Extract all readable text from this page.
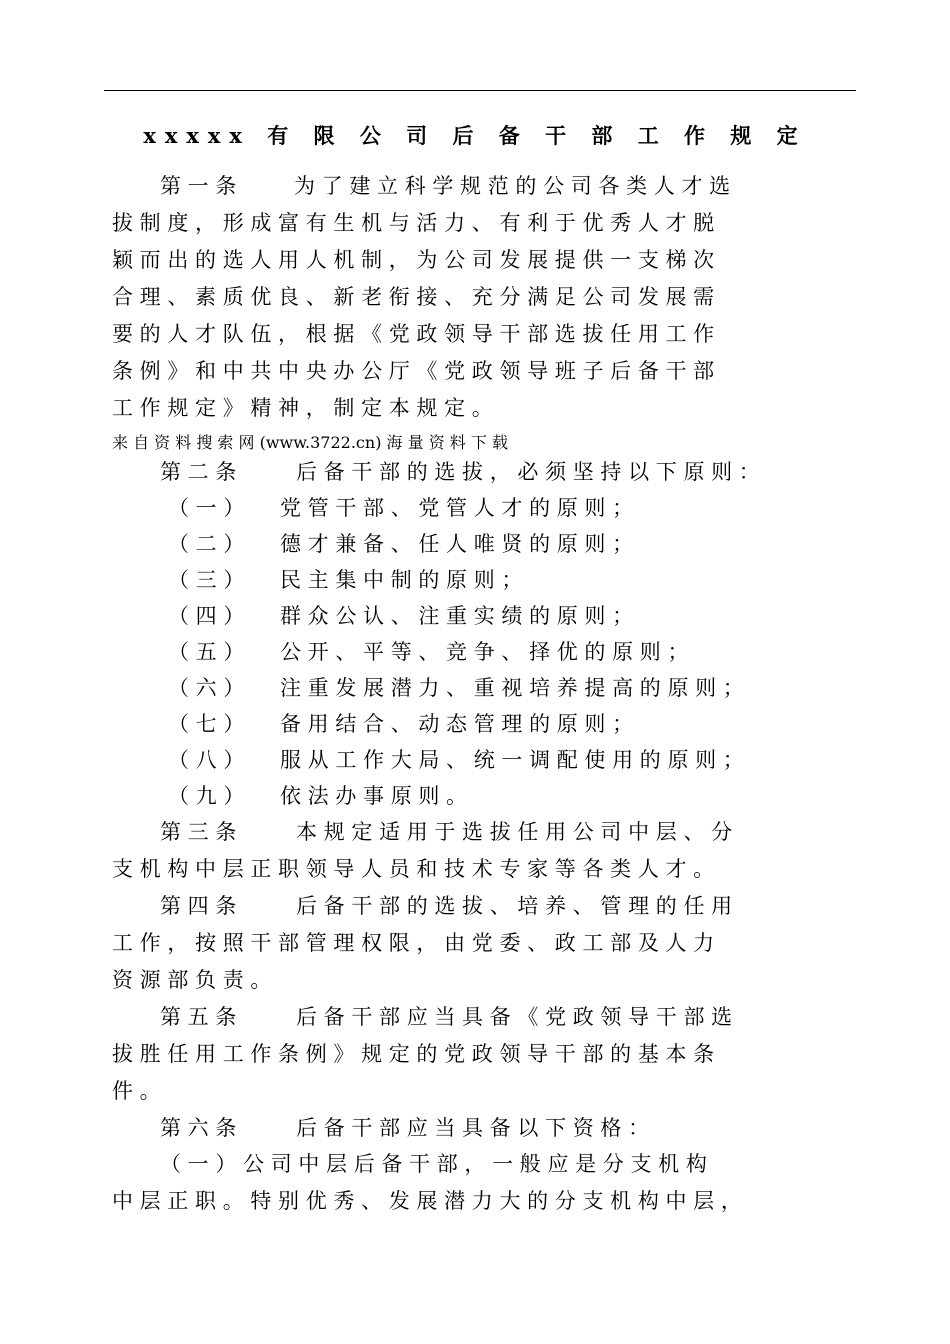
xxxxx 有 限 公 司 后 备 干 部 工 作 规 定
第 一 条	为 了 建 立 科 学 规 范 的 公 司 各 类 人 才 选
拔 制 度 ， 形 成 富 有 生 机 与 活 力 、 有 利 于 优 秀 人 才 脱
颖 而 出 的 选 人 用 人 机 制 ， 为 公 司 发 展 提 供 一 支 梯 次
合 理 、 素 质 优 良 、 新 老 衔 接 、 充 分 满 足 公 司 发 展 需
要 的 人 才 队 伍 ， 根 据 《 党 政 领 导 干 部 选 拔 任 用 工 作
条 例 》 和 中 共 中 央 办 公 厅 《 党 政 领 导 班 子 后 备 干 部
工 作 规 定 》 精 神 ， 制 定 本 规 定 。
来 自 资 料 搜 索 网 (www.3722.cn) 海 量 资 料 下 载
第 二 条	后 备 干 部 的 选 拔 ， 必 须 坚 持 以 下 原 则 ：
（ 一 ） 党 管 干 部 、 党 管 人 才 的 原 则 ；
（ 二 ） 德 才 兼 备 、 任 人 唯 贤 的 原 则 ；
（ 三 ） 民 主 集 中 制 的 原 则 ；
（ 四 ） 群 众 公 认 、 注 重 实 绩 的 原 则 ；
（ 五 ） 公 开 、 平 等 、 竞 争 、 择 优 的 原 则 ；
（ 六 ） 注 重 发 展 潜 力 、 重 视 培 养 提 高 的 原 则 ；
（ 七 ） 备 用 结 合 、 动 态 管 理 的 原 则 ；
（ 八 ） 服 从 工 作 大 局 、 统 一 调 配 使 用 的 原 则 ；
（ 九 ） 依 法 办 事 原 则 。
第 三 条	本 规 定 适 用 于 选 拔 任 用 公 司 中 层 、 分
支 机 构 中 层 正 职 领 导 人 员 和 技 术 专 家 等 各 类 人 才 。
第 四 条	后 备 干 部 的 选 拔 、 培 养 、 管 理 的 任 用
工 作 ， 按 照 干 部 管 理 权 限 ， 由 党 委 、 政 工 部 及 人 力
资 源 部 负 责 。
第 五 条	后 备 干 部 应 当 具 备 《 党 政 领 导 干 部 选
拔 胜 任 用 工 作 条 例 》 规 定 的 党 政 领 导 干 部 的 基 本 条
件 。
第 六 条	后 备 干 部 应 当 具 备 以 下 资 格 ：
（ 一 ） 公 司 中 层 后 备 干 部 ， 一 般 应 是 分 支 机 构
中 层 正 职 。 特 别 优 秀 、 发 展 潜 力 大 的 分 支 机 构 中 层 ，
